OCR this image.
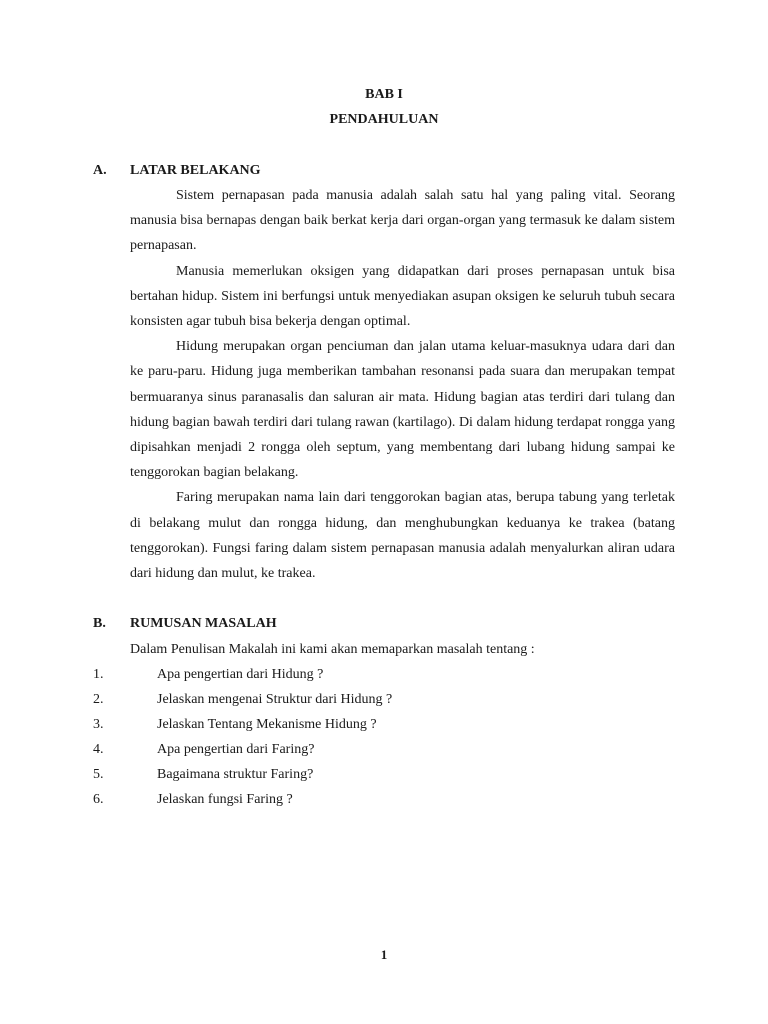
BAB I

PENDAHULUAN

A.	LATAR BELAKANG

Sistem pernapasan pada manusia adalah salah satu hal yang paling vital. Seorang manusia bisa bernapas dengan baik berkat kerja dari organ-organ yang termasuk ke dalam sistem pernapasan.

Manusia memerlukan oksigen yang didapatkan dari proses pernapasan untuk bisa bertahan hidup. Sistem ini berfungsi untuk menyediakan asupan oksigen ke seluruh tubuh secara konsisten agar tubuh bisa bekerja dengan optimal.

Hidung merupakan organ penciuman dan jalan utama keluar-masuknya udara dari dan ke paru-paru. Hidung juga memberikan tambahan resonansi pada suara dan merupakan tempat bermuaranya sinus paranasalis dan saluran air mata. Hidung bagian atas terdiri dari tulang dan hidung bagian bawah terdiri dari tulang rawan (kartilago). Di dalam hidung terdapat rongga yang dipisahkan menjadi 2 rongga oleh septum, yang membentang dari lubang hidung sampai ke tenggorokan bagian belakang.

Faring merupakan nama lain dari tenggorokan bagian atas, berupa tabung yang terletak di belakang mulut dan rongga hidung, dan menghubungkan keduanya ke trakea (batang tenggorokan). Fungsi faring dalam sistem pernapasan manusia adalah menyalurkan aliran udara dari hidung dan mulut, ke trakea.

B.	RUMUSAN MASALAH

Dalam Penulisan Makalah ini kami akan memaparkan masalah tentang :

1.	Apa pengertian dari Hidung ?
2.	Jelaskan mengenai Struktur dari Hidung ?
3.	Jelaskan Tentang Mekanisme Hidung ?
4.	Apa pengertian dari Faring?
5.	Bagaimana struktur Faring?
6.	Jelaskan fungsi Faring ?
1
